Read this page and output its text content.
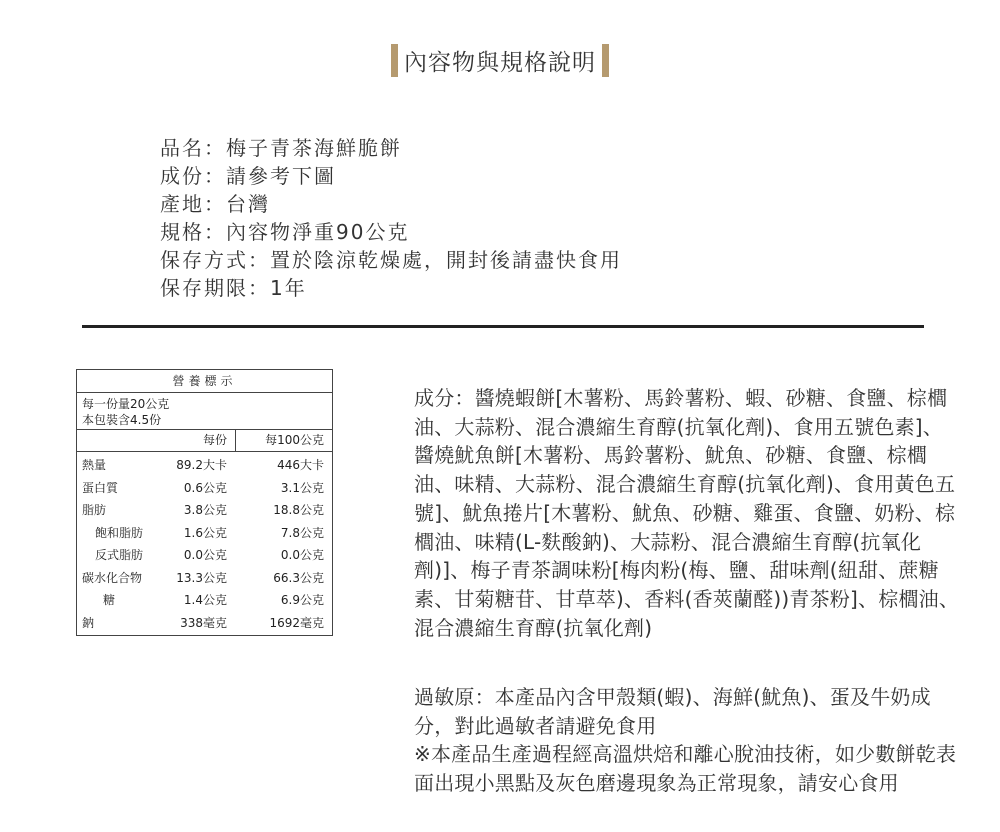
內容物與規格說明
品名：梅子青茶海鮮脆餅
成份：請參考下圖
產地：台灣
規格：內容物淨重90公克
保存方式：置於陰涼乾燥處，開封後請盡快食用
保存期限：1年
營養標示
每一份量20公克
本包裝含4.5份
每份	每100公克
熱量	89.2大卡	446大卡
蛋白質	0.6公克	3.1公克
脂肪	3.8公克	18.8公克
飽和脂肪	1.6公克	7.8公克
反式脂肪	0.0公克	0.0公克
碳水化合物	13.3公克	66.3公克
糖	1.4公克	6.9公克
鈉	338毫克	1692毫克
成分：醬燒蝦餅[木薯粉、馬鈴薯粉、蝦、砂糖、食鹽、棕櫚油、大蒜粉、混合濃縮生育醇(抗氧化劑)、食用五號色素]、醬燒魷魚餅[木薯粉、馬鈴薯粉、魷魚、砂糖、食鹽、棕櫚油、味精、大蒜粉、混合濃縮生育醇(抗氧化劑)、食用黃色五號]、魷魚捲片[木薯粉、魷魚、砂糖、雞蛋、食鹽、奶粉、棕櫚油、味精(L-麩酸鈉)、大蒜粉、混合濃縮生育醇(抗氧化劑)]、梅子青茶調味粉[梅肉粉(梅、鹽、甜味劑(紐甜、蔗糖素、甘菊糖苷、甘草萃)、香料(香莢蘭醛))青茶粉]、棕櫚油、混合濃縮生育醇(抗氧化劑)
過敏原：本產品內含甲殼類(蝦)、海鮮(魷魚)、蛋及牛奶成分，對此過敏者請避免食用
※本產品生產過程經高溫烘焙和離心脫油技術，如少數餅乾表面出現小黑點及灰色磨邊現象為正常現象，請安心食用
